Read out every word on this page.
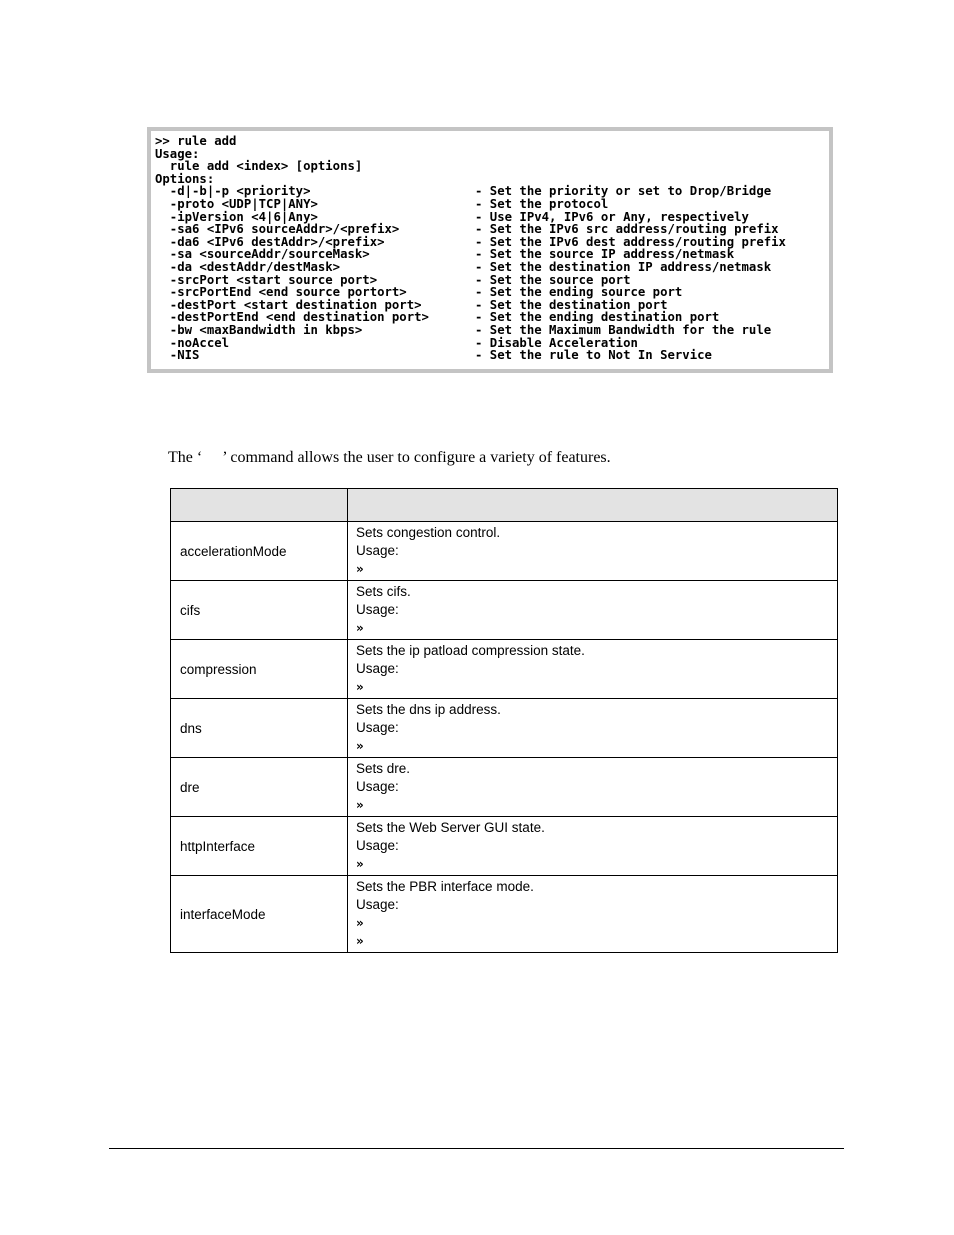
>> rule add
Usage:
rule add <index> [options]
Options:
-d|-b|-p <priority>	- Set the priority or set to Drop/Bridge
-proto <UDP|TCP|ANY>	- Set the protocol
-ipVersion <4|6|Any>	- Use IPv4, IPv6 or Any, respectively
-sa6 <IPv6 sourceAddr>/<prefix>	- Set the IPv6 src address/routing prefix
-da6 <IPv6 destAddr>/<prefix>	- Set the IPv6 dest address/routing prefix
-sa <sourceAddr/sourceMask>	- Set the source IP address/netmask
-da <destAddr/destMask>	- Set the destination IP address/netmask
-srcPort <start source port>	- Set the source port
-srcPortEnd <end source portort>	- Set the ending source port
-destPort <start destination port>	- Set the destination port
-destPortEnd <end destination port>	- Set the ending destination port
-bw <maxBandwidth in kbps>	- Set the Maximum Bandwidth for the rule
-noAccel	- Disable Acceleration
-NIS	- Set the rule to Not In Service
The ‘     ’ command allows the user to configure a variety of features.

accelerationMode	Sets congestion control.
Usage:
»

cifs	Sets cifs.
Usage:
»

compression	Sets the ip patload compression state.
Usage:
»

dns	Sets the dns ip address.
Usage:
»

dre	Sets dre.
Usage:
»

httpInterface	Sets the Web Server GUI state.
Usage:
»

interfaceMode	Sets the PBR interface mode.
Usage:
»
»
